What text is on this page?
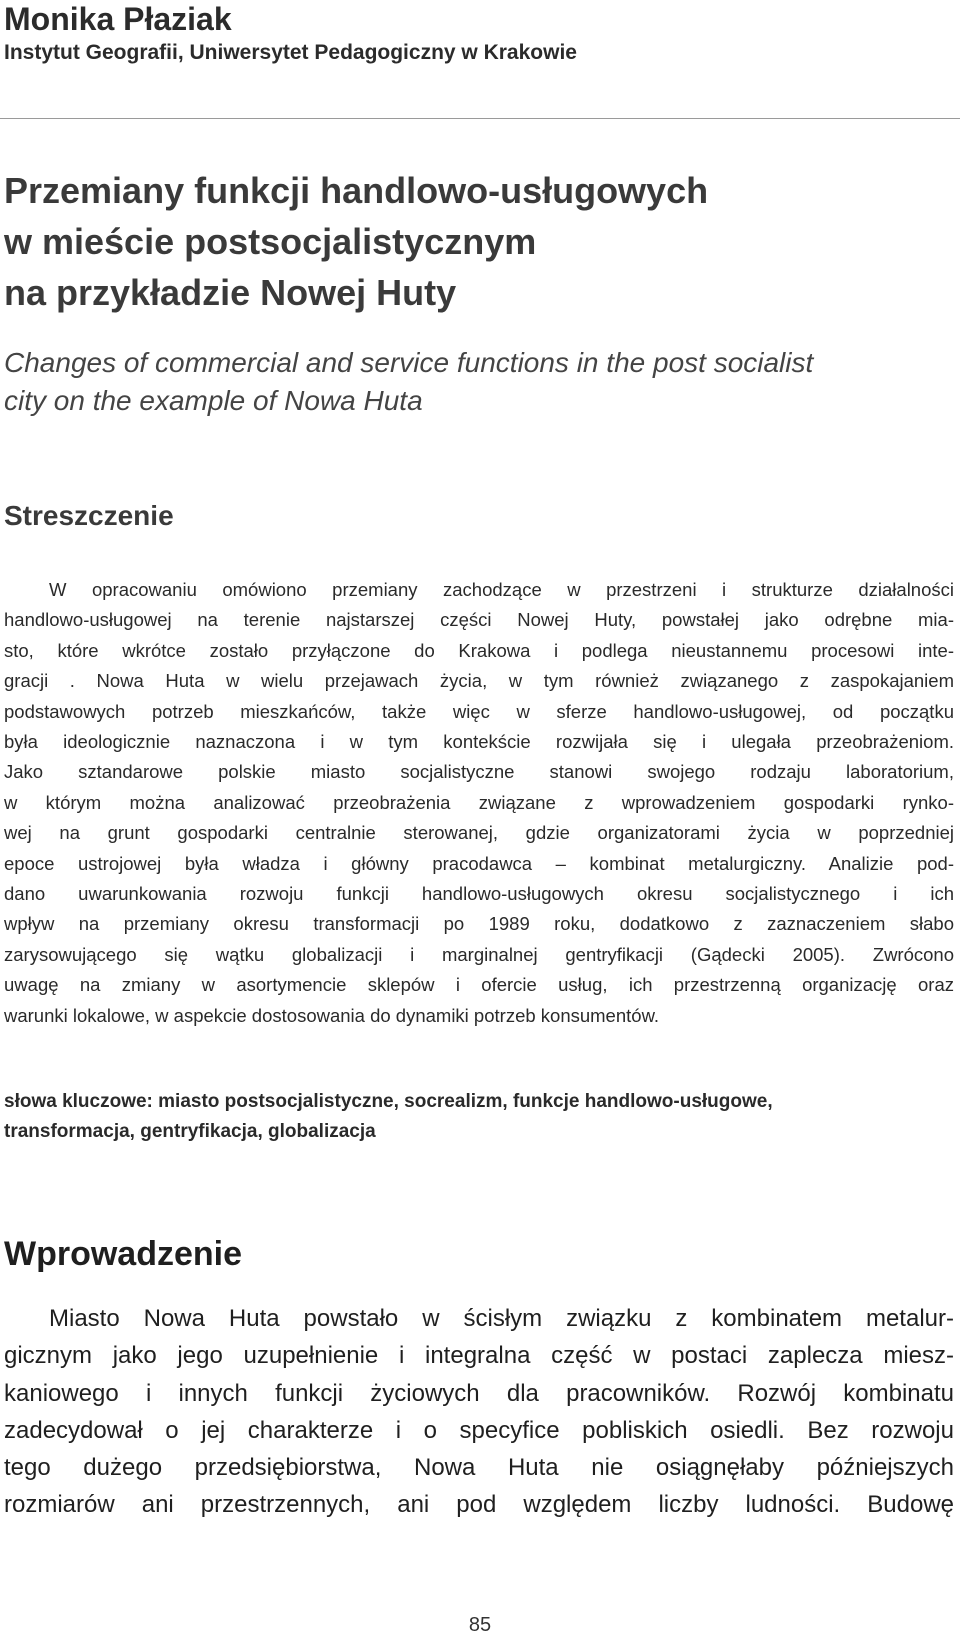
Monika Płaziak
Instytut Geografii, Uniwersytet Pedagogiczny w Krakowie
Przemiany funkcji handlowo-usługowych
w mieście postsocjalistycznym
na przykładzie Nowej Huty
Changes of commercial and service functions in the post socialist
city on the example of Nowa Huta
Streszczenie
W opracowaniu omówiono przemiany zachodzące w przestrzeni i strukturze działalności
handlowo-usługowej na terenie najstarszej części Nowej Huty, powstałej jako odrębne mia-
sto, które wkrótce zostało przyłączone do Krakowa i podlega nieustannemu procesowi inte-
gracji . Nowa Huta w wielu przejawach życia, w tym również związanego z zaspokajaniem
podstawowych potrzeb mieszkańców, także więc w sferze handlowo-usługowej, od początku
była ideologicznie naznaczona i w tym kontekście rozwijała się i ulegała przeobrażeniom.
Jako sztandarowe polskie miasto socjalistyczne stanowi swojego rodzaju laboratorium,
w którym można analizować przeobrażenia związane z wprowadzeniem gospodarki rynko-
wej na grunt gospodarki centralnie sterowanej, gdzie organizatorami życia w poprzedniej
epoce ustrojowej była władza i główny pracodawca – kombinat metalurgiczny. Analizie pod-
dano uwarunkowania rozwoju funkcji handlowo-usługowych okresu socjalistycznego i ich
wpływ na przemiany okresu transformacji po 1989 roku, dodatkowo z zaznaczeniem słabo
zarysowującego się wątku globalizacji i marginalnej gentryfikacji (Gądecki 2005). Zwrócono
uwagę na zmiany w asortymencie sklepów i ofercie usług, ich przestrzenną organizację oraz
warunki lokalowe, w aspekcie dostosowania do dynamiki potrzeb konsumentów.
słowa kluczowe: miasto postsocjalistyczne, socrealizm, funkcje handlowo-usługowe,
transformacja, gentryfikacja, globalizacja
Wprowadzenie
Miasto Nowa Huta powstało w ścisłym związku z kombinatem metalur-
gicznym jako jego uzupełnienie i integralna część w postaci zaplecza miesz-
kaniowego i innych funkcji życiowych dla pracowników. Rozwój kombinatu
zadecydował o jej charakterze i o specyfice pobliskich osiedli. Bez rozwoju
tego dużego przedsiębiorstwa, Nowa Huta nie osiągnęłaby późniejszych
rozmiarów ani przestrzennych, ani pod względem liczby ludności. Budowę
85
